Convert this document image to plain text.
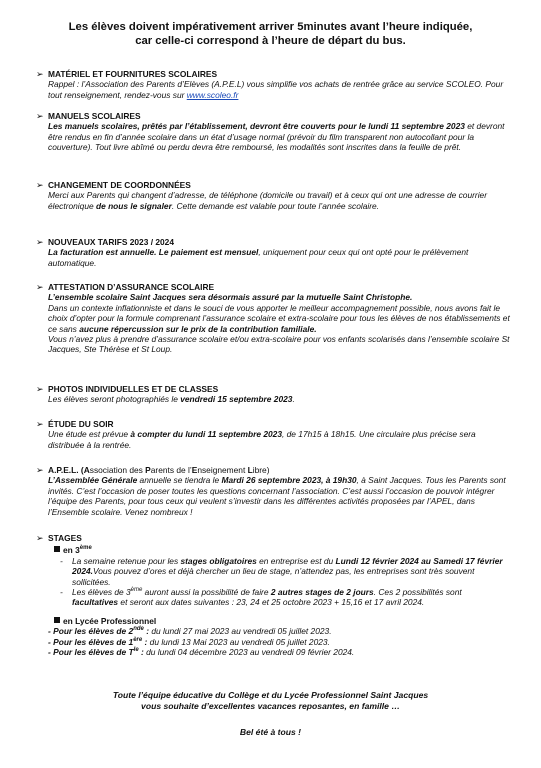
Les élèves doivent impérativement arriver 5minutes avant l’heure indiquée,
car celle-ci correspond à l’heure de départ du bus.
➢ MATÉRIEL ET FOURNITURES SCOLAIRES
Rappel : l’Association des Parents d’Elèves (A.P.E.L) vous simplifie vos achats de rentrée grâce au service SCOLEO. Pour tout renseignement, rendez-vous sur www.scoleo.fr
➢ MANUELS SCOLAIRES
Les manuels scolaires, prêtés par l’établissement, devront être couverts pour le lundi 11 septembre 2023 et devront être rendus en fin d’année scolaire dans un état d’usage normal (prévoir du film transparent non autocollant pour la couverture). Tout livre abîmé ou perdu devra être remboursé, les modalités sont inscrites dans la feuille de prêt.
➢ CHANGEMENT DE COORDONNÉES
Merci aux Parents qui changent d’adresse, de téléphone (domicile ou travail) et à ceux qui ont une adresse de courrier électronique de nous le signaler. Cette demande est valable pour toute l’année scolaire.
➢ NOUVEAUX TARIFS 2023 / 2024
La facturation est annuelle. Le paiement est mensuel, uniquement pour ceux qui ont opté pour le prélèvement automatique.
➢ ATTESTATION D’ASSURANCE SCOLAIRE
L’ensemble scolaire Saint Jacques sera désormais assuré par la mutuelle Saint Christophe.
Dans un contexte inflationniste et dans le souci de vous apporter le meilleur accompagnement possible, nous avons fait le choix d’opter pour la formule comprenant l’assurance scolaire et extra-scolaire pour tous les élèves de nos établissements et ce sans aucune répercussion sur le prix de la contribution familiale.
Vous n’avez plus à prendre d’assurance scolaire et/ou extra-scolaire pour vos enfants scolarisés dans l’ensemble scolaire St Jacques, Ste Thérèse et St Loup.
➢ PHOTOS INDIVIDUELLES ET DE CLASSES
Les élèves seront photographiés le vendredi 15 septembre 2023.
➢ ÉTUDE DU SOIR
Une étude est prévue à compter du lundi 11 septembre 2023, de 17h15 à 18h15. Une circulaire plus précise sera distribuée à la rentrée.
➢ A.P.E.L. (Association des Parents de l’Enseignement Libre)
L’Assemblée Générale annuelle se tiendra le Mardi 26 septembre 2023, à 19h30, à Saint Jacques. Tous les Parents sont invités. C’est l’occasion de poser toutes les questions concernant l’association. C’est aussi l’occasion de pouvoir intégrer l’équipe des Parents, pour tous ceux qui veulent s’investir dans les différentes activités proposées par l’APEL, dans l’Ensemble scolaire. Venez nombreux !
➢ STAGES
en 3ème
- La semaine retenue pour les stages obligatoires en entreprise est du Lundi 12 février 2024 au Samedi 17 février 2024.Vous pouvez d’ores et déjà chercher un lieu de stage, n’attendez pas, les entreprises sont très souvent sollicitées.
- Les élèves de 3ème auront aussi la possibilité de faire 2 autres stages de 2 jours. Ces 2 possibilités sont facultatives et seront aux dates suivantes : 23, 24 et 25 octobre 2023 + 15,16 et 17 avril 2024.
en Lycée Professionnel
- Pour les élèves de 2nde : du lundi 27 mai 2023 au vendredi 05 juillet 2023.
- Pour les élèves de 1ère : du lundi 13 Mai 2023 au vendredi 05 juillet 2023.
- Pour les élèves de $T^{le}$ : du lundi 04 décembre 2023 au vendredi 09 février 2024.
Toute l’équipe éducative du Collège et du Lycée Professionnel Saint Jacques
vous souhaite d’excellentes vacances reposantes, en famille …
Bel été à tous !
